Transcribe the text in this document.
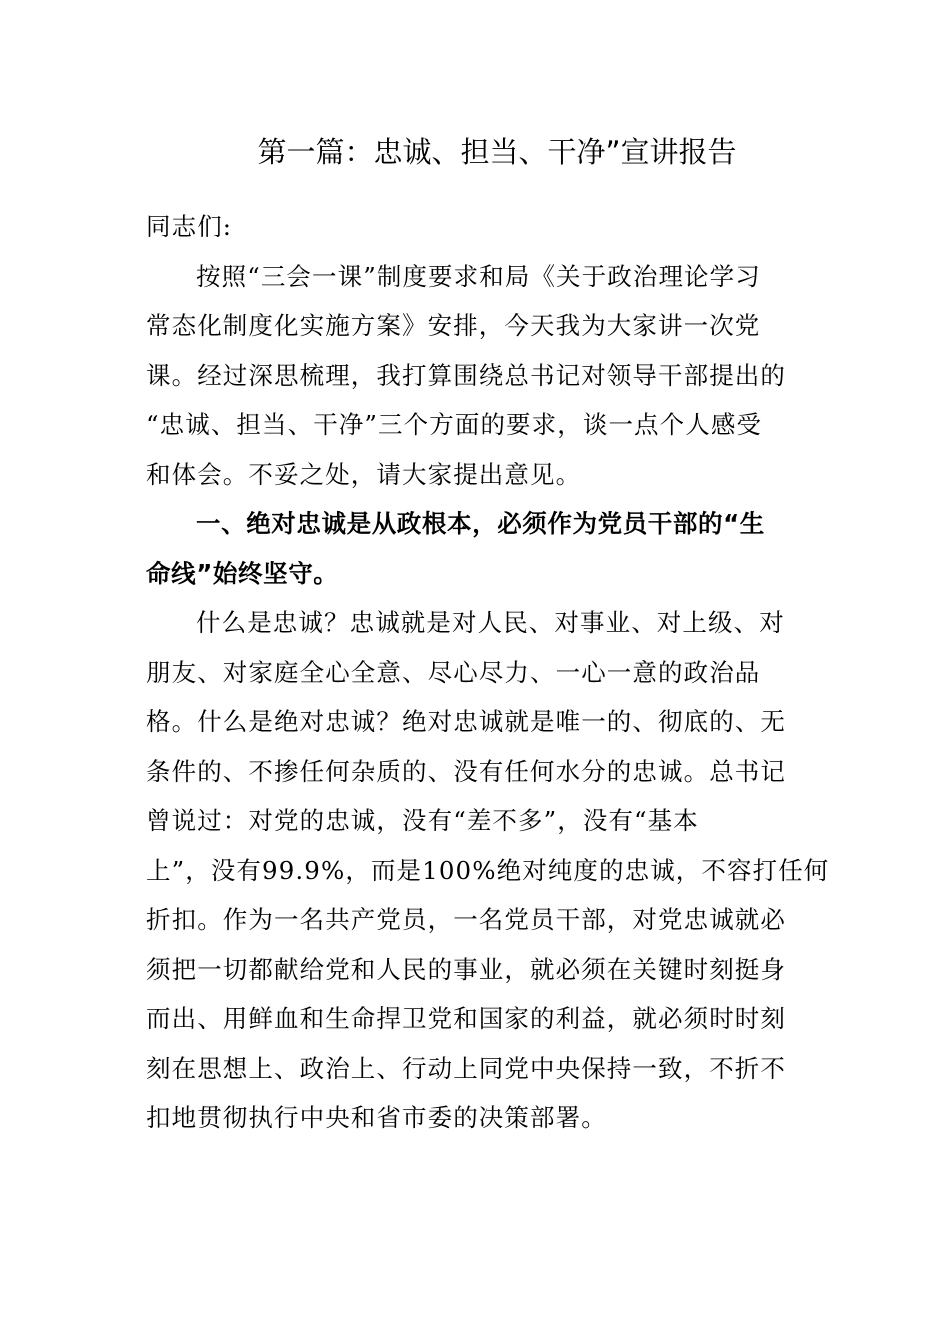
第一篇：忠诚、担当、干净”宣讲报告
同志们:
按照“三会一课”制度要求和局《关于政治理论学习
常态化制度化实施方案》安排，今天我为大家讲一次党
课。经过深思梳理，我打算围绕总书记对领导干部提出的
“忠诚、担当、干净”三个方面的要求，谈一点个人感受
和体会。不妥之处，请大家提出意见。
一、绝对忠诚是从政根本，必须作为党员干部的“生
命线”始终坚守。
什么是忠诚？忠诚就是对人民、对事业、对上级、对
朋友、对家庭全心全意、尽心尽力、一心一意的政治品
格。什么是绝对忠诚？绝对忠诚就是唯一的、彻底的、无
条件的、不掺任何杂质的、没有任何水分的忠诚。总书记
曾说过：对党的忠诚，没有“差不多”，没有“基本
上”，没有99.9%，而是100%绝对纯度的忠诚，不容打任何
折扣。作为一名共产党员，一名党员干部，对党忠诚就必
须把一切都献给党和人民的事业，就必须在关键时刻挺身
而出、用鲜血和生命捍卫党和国家的利益，就必须时时刻
刻在思想上、政治上、行动上同党中央保持一致，不折不
扣地贯彻执行中央和省市委的决策部署。
